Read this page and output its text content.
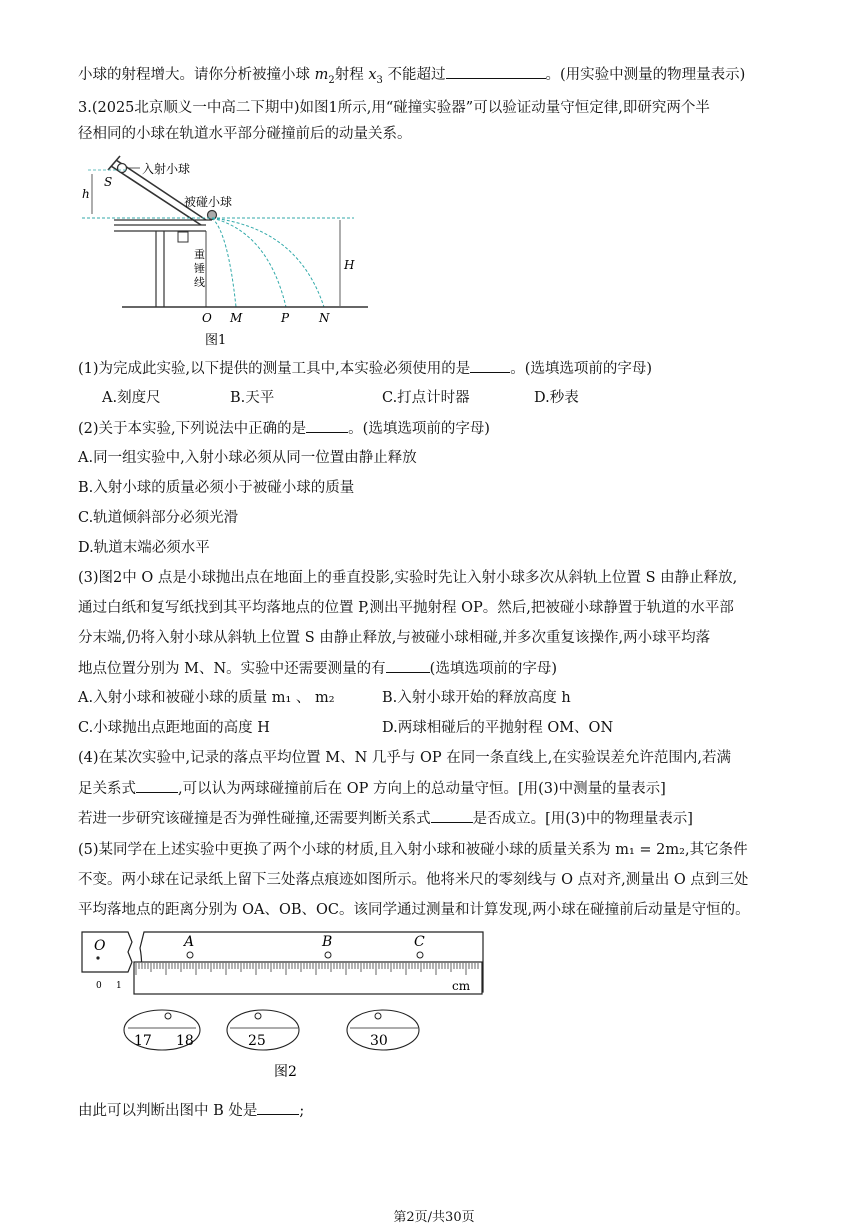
小球的射程增大。请你分析被撞小球 $m_2$射程 $x_3$ 不能超过	。(用实验中测量的物理量表示)
3.(2025北京顺义一中高二下期中)如图1所示,用“碰撞实验器”可以验证动量守恒定律,即研究两个半
径相同的小球在轨道水平部分碰撞前后的动量关系。
入射小球
S
h
被碰小球
重
锤
线
H
O M	P N
图1
(1)为完成此实验,以下提供的测量工具中,本实验必须使用的是	。(选填选项前的字母)
A.刻度尺	B.天平	C.打点计时器	D.秒表
(2)关于本实验,下列说法中正确的是	。(选填选项前的字母)
A.同一组实验中,入射小球必须从同一位置由静止释放
B.入射小球的质量必须小于被碰小球的质量
C.轨道倾斜部分必须光滑
D.轨道末端必须水平
(3)图2中 O 点是小球抛出点在地面上的垂直投影,实验时先让入射小球多次从斜轨上位置 S 由静止释放,
通过白纸和复写纸找到其平均落地点的位置 P,测出平抛射程 OP。然后,把被碰小球静置于轨道的水平部
分末端,仍将入射小球从斜轨上位置 S 由静止释放,与被碰小球相碰,并多次重复该操作,两小球平均落
地点位置分别为 M、N。实验中还需要测量的有	(选填选项前的字母)
A.入射小球和被碰小球的质量 m₁ 、 m₂	B.入射小球开始的释放高度 h
C.小球抛出点距地面的高度 H	D.两球相碰后的平抛射程 OM、ON
(4)在某次实验中,记录的落点平均位置 M、N 几乎与 OP 在同一条直线上,在实验误差允许范围内,若满
足关系式	,可以认为两球碰撞前后在 OP 方向上的总动量守恒。[用(3)中测量的量表示]
若进一步研究该碰撞是否为弹性碰撞,还需要判断关系式	是否成立。[用(3)中的物理量表示]
(5)某同学在上述实验中更换了两个小球的材质,且入射小球和被碰小球的质量关系为 m₁ = 2m₂,其它条件
不变。两小球在记录纸上留下三处落点痕迹如图所示。他将米尺的零刻线与 O 点对齐,测量出 O 点到三处
平均落地点的距离分别为 OA、OB、OC。该同学通过测量和计算发现,两小球在碰撞前后动量是守恒的。
O	A	B	C
0 1	cm
17 18	25	30
图2
由此可以判断出图中 B 处是	;
第2页/共30页
